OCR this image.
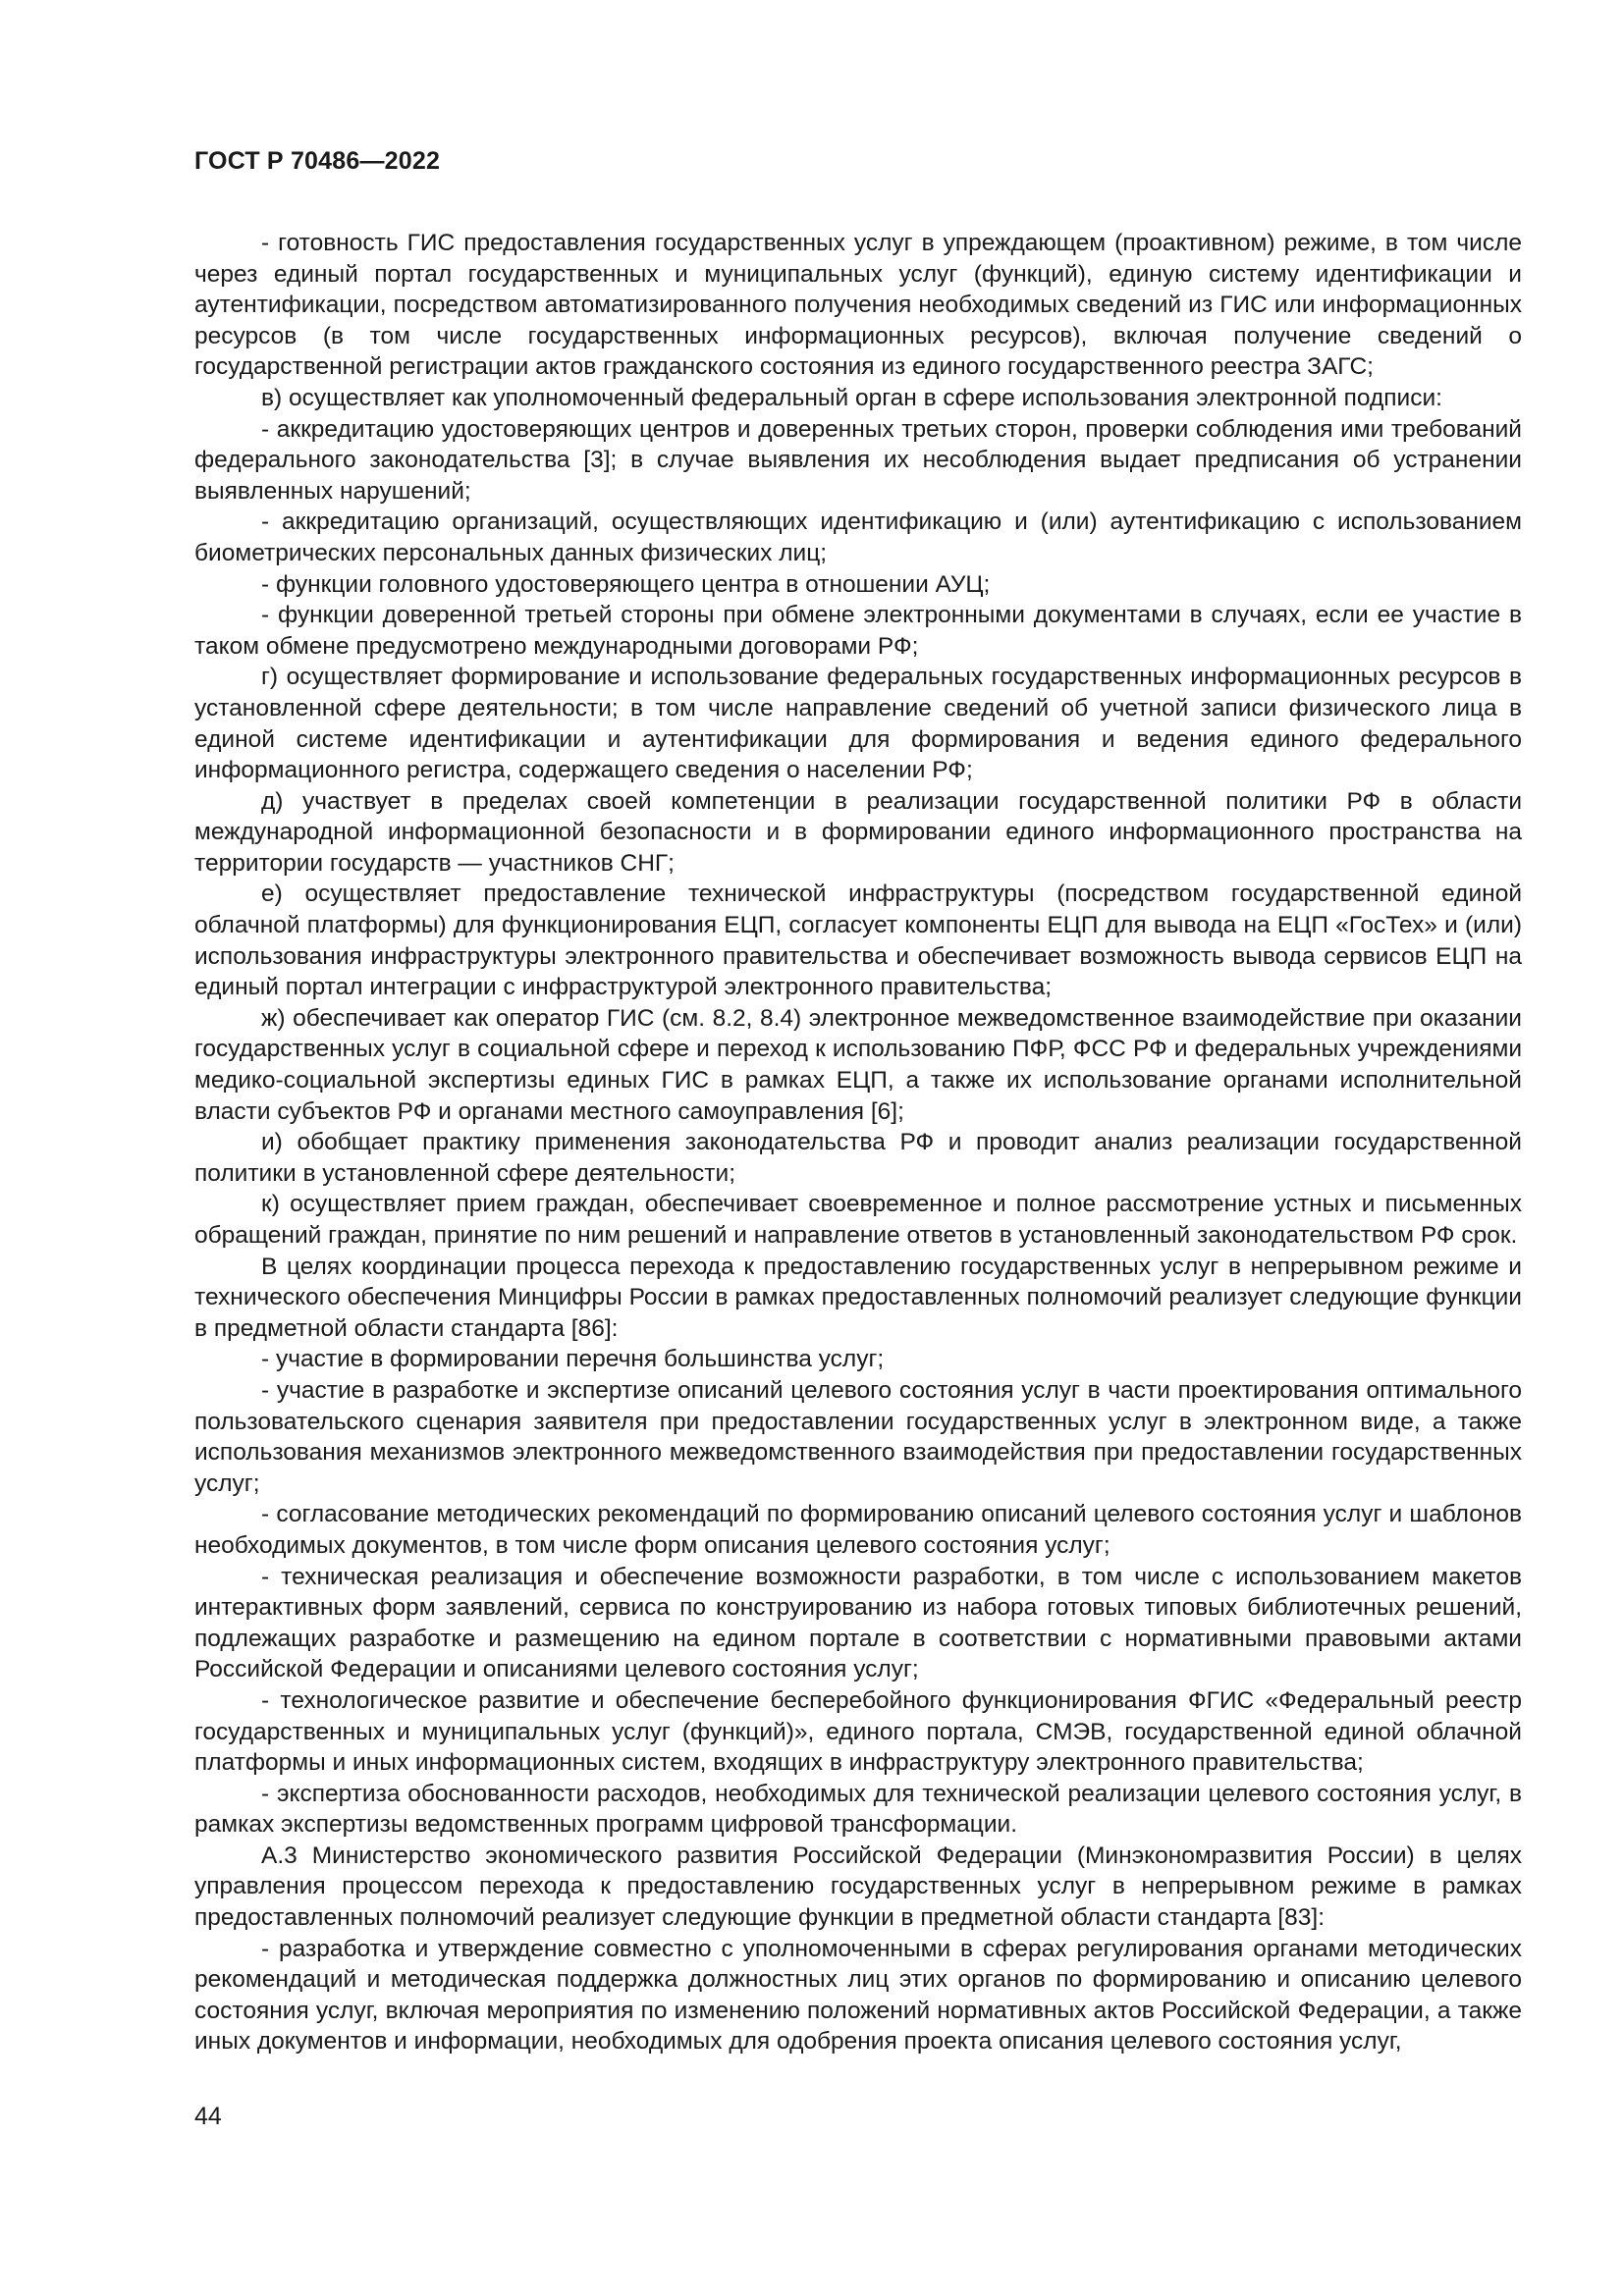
ГОСТ Р 70486—2022

- готовность ГИС предоставления государственных услуг в упреждающем (проактивном) режиме, в том числе через единый портал государственных и муниципальных услуг (функций), единую систему идентификации и аутентификации, посредством автоматизированного получения необходимых сведений из ГИС или информационных ресурсов (в том числе государственных информационных ресурсов), включая получение сведений о государственной регистрации актов гражданского состояния из единого государственного реестра ЗАГС;

в) осуществляет как уполномоченный федеральный орган в сфере использования электронной подписи:

- аккредитацию удостоверяющих центров и доверенных третьих сторон, проверки соблюдения ими требований федерального законодательства [3]; в случае выявления их несоблюдения выдает предписания об устранении выявленных нарушений;

- аккредитацию организаций, осуществляющих идентификацию и (или) аутентификацию с использованием биометрических персональных данных физических лиц;

- функции головного удостоверяющего центра в отношении АУЦ;

- функции доверенной третьей стороны при обмене электронными документами в случаях, если ее участие в таком обмене предусмотрено международными договорами РФ;

г) осуществляет формирование и использование федеральных государственных информационных ресурсов в установленной сфере деятельности; в том числе направление сведений об учетной записи физического лица в единой системе идентификации и аутентификации для формирования и ведения единого федерального информационного регистра, содержащего сведения о населении РФ;

д) участвует в пределах своей компетенции в реализации государственной политики РФ в области международной информационной безопасности и в формировании единого информационного пространства на территории государств — участников СНГ;

е) осуществляет предоставление технической инфраструктуры (посредством государственной единой облачной платформы) для функционирования ЕЦП, согласует компоненты ЕЦП для вывода на ЕЦП «ГосТех» и (или) использования инфраструктуры электронного правительства и обеспечивает возможность вывода сервисов ЕЦП на единый портал интеграции с инфраструктурой электронного правительства;

ж) обеспечивает как оператор ГИС (см. 8.2, 8.4) электронное межведомственное взаимодействие при оказании государственных услуг в социальной сфере и переход к использованию ПФР, ФСС РФ и федеральных учреждениями медико-социальной экспертизы единых ГИС в рамках ЕЦП, а также их использование органами исполнительной власти субъектов РФ и органами местного самоуправления [6];

и) обобщает практику применения законодательства РФ и проводит анализ реализации государственной политики в установленной сфере деятельности;

к) осуществляет прием граждан, обеспечивает своевременное и полное рассмотрение устных и письменных обращений граждан, принятие по ним решений и направление ответов в установленный законодательством РФ срок.

В целях координации процесса перехода к предоставлению государственных услуг в непрерывном режиме и технического обеспечения Минцифры России в рамках предоставленных полномочий реализует следующие функции в предметной области стандарта [86]:

- участие в формировании перечня большинства услуг;

- участие в разработке и экспертизе описаний целевого состояния услуг в части проектирования оптимального пользовательского сценария заявителя при предоставлении государственных услуг в электронном виде, а также использования механизмов электронного межведомственного взаимодействия при предоставлении государственных услуг;

- согласование методических рекомендаций по формированию описаний целевого состояния услуг и шаблонов необходимых документов, в том числе форм описания целевого состояния услуг;

- техническая реализация и обеспечение возможности разработки, в том числе с использованием макетов интерактивных форм заявлений, сервиса по конструированию из набора готовых типовых библиотечных решений, подлежащих разработке и размещению на едином портале в соответствии с нормативными правовыми актами Российской Федерации и описаниями целевого состояния услуг;

- технологическое развитие и обеспечение бесперебойного функционирования ФГИС «Федеральный реестр государственных и муниципальных услуг (функций)», единого портала, СМЭВ, государственной единой облачной платформы и иных информационных систем, входящих в инфраструктуру электронного правительства;

- экспертиза обоснованности расходов, необходимых для технической реализации целевого состояния услуг, в рамках экспертизы ведомственных программ цифровой трансформации.

А.3 Министерство экономического развития Российской Федерации (Минэкономразвития России) в целях управления процессом перехода к предоставлению государственных услуг в непрерывном режиме в рамках предоставленных полномочий реализует следующие функции в предметной области стандарта [83]:

- разработка и утверждение совместно с уполномоченными в сферах регулирования органами методических рекомендаций и методическая поддержка должностных лиц этих органов по формированию и описанию целевого состояния услуг, включая мероприятия по изменению положений нормативных актов Российской Федерации, а также иных документов и информации, необходимых для одобрения проекта описания целевого состояния услуг,

44
